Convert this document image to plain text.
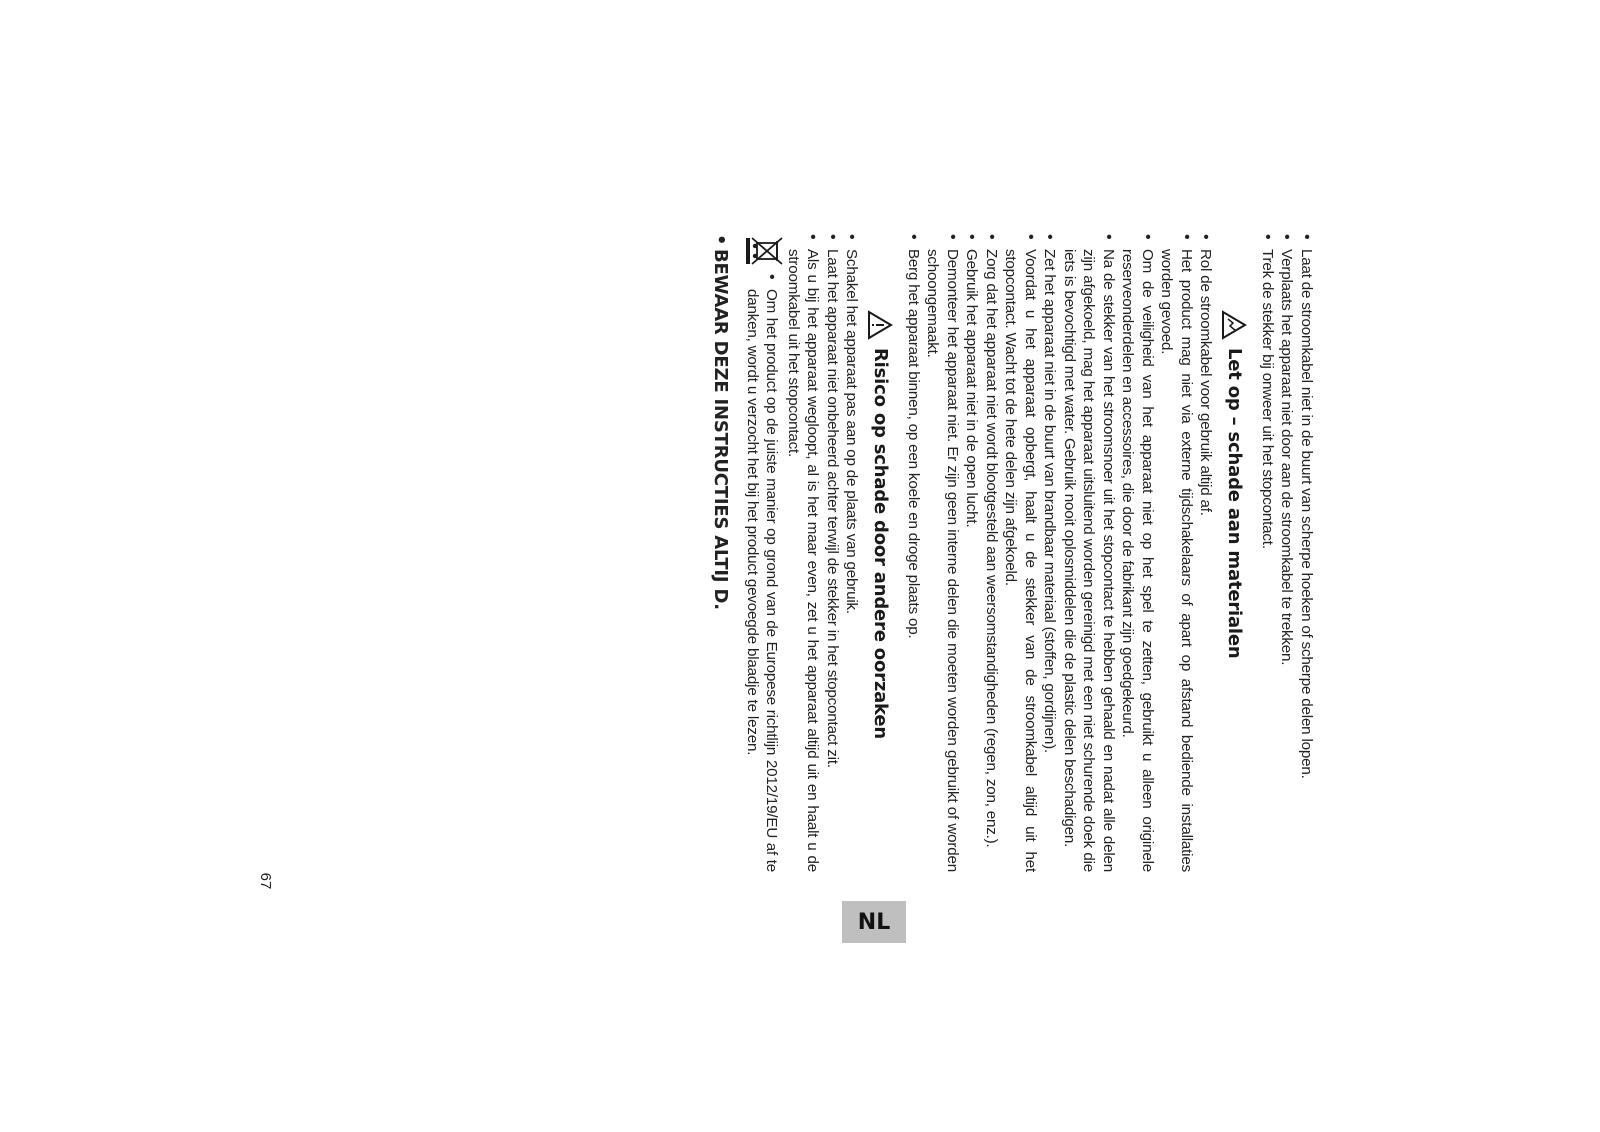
• Laat de stroomkabel niet in de buurt van scherpe hoeken of scherpe delen lopen.
• Verplaats het apparaat niet door aan de stroomkabel te trekken.
• Trek de stekker bij onweer uit het stopcontact.
Let op – schade aan materialen
• Rol de stroomkabel voor gebruik altijd af.
• Het product mag niet via externe tijdschakelaars of apart op afstand bediende installaties worden gevoed.
• Om de veiligheid van het apparaat niet op het spel te zetten, gebruikt u alleen originele reserveonderdelen en accessoires, die door de fabrikant zijn goedgekeurd.
• Na de stekker van het stroomsnoer uit het stopcontact te hebben gehaald en nadat alle delen zijn afgekoeld, mag het apparaat uitsluitend worden gereinigd met een niet schurende doek die iets is bevochtigd met water. Gebruik nooit oplosmiddelen die de plastic delen beschadigen.
• Zet het apparaat niet in de buurt van brandbaar materiaal (stoffen, gordijnen).
• Voordat u het apparaat opbergt, haalt u de stekker van de stroomkabel altijd uit het stopcontact. Wacht tot de hete delen zijn afgekoeld.
• Zorg dat het apparaat niet wordt blootgesteld aan weersomstandigheden (regen, zon, enz.).
• Gebruik het apparaat niet in de open lucht.
• Demonteer het apparaat niet. Er zijn geen interne delen die moeten worden gebruikt of worden schoongemaakt.
• Berg het apparaat binnen, op een koele en droge plaats op.
Risico op schade door andere oorzaken
• Schakel het apparaat pas aan op de plaats van gebruik.
• Laat het apparaat niet onbeheerd achter terwijl de stekker in het stopcontact zit.
• Als u bij het apparaat wegloopt, al is het maar even, zet u het apparaat altijd uit en haalt u de stroomkabel uit het stopcontact.
• Om het product op de juiste manier op grond van de Europese richtlijn 2012/19/EU af te danken, wordt u verzocht het bij het product gevoegde blaadje te lezen.
• BEWAAR DEZE INSTRUCTIES ALTIJ D.
NL
67
